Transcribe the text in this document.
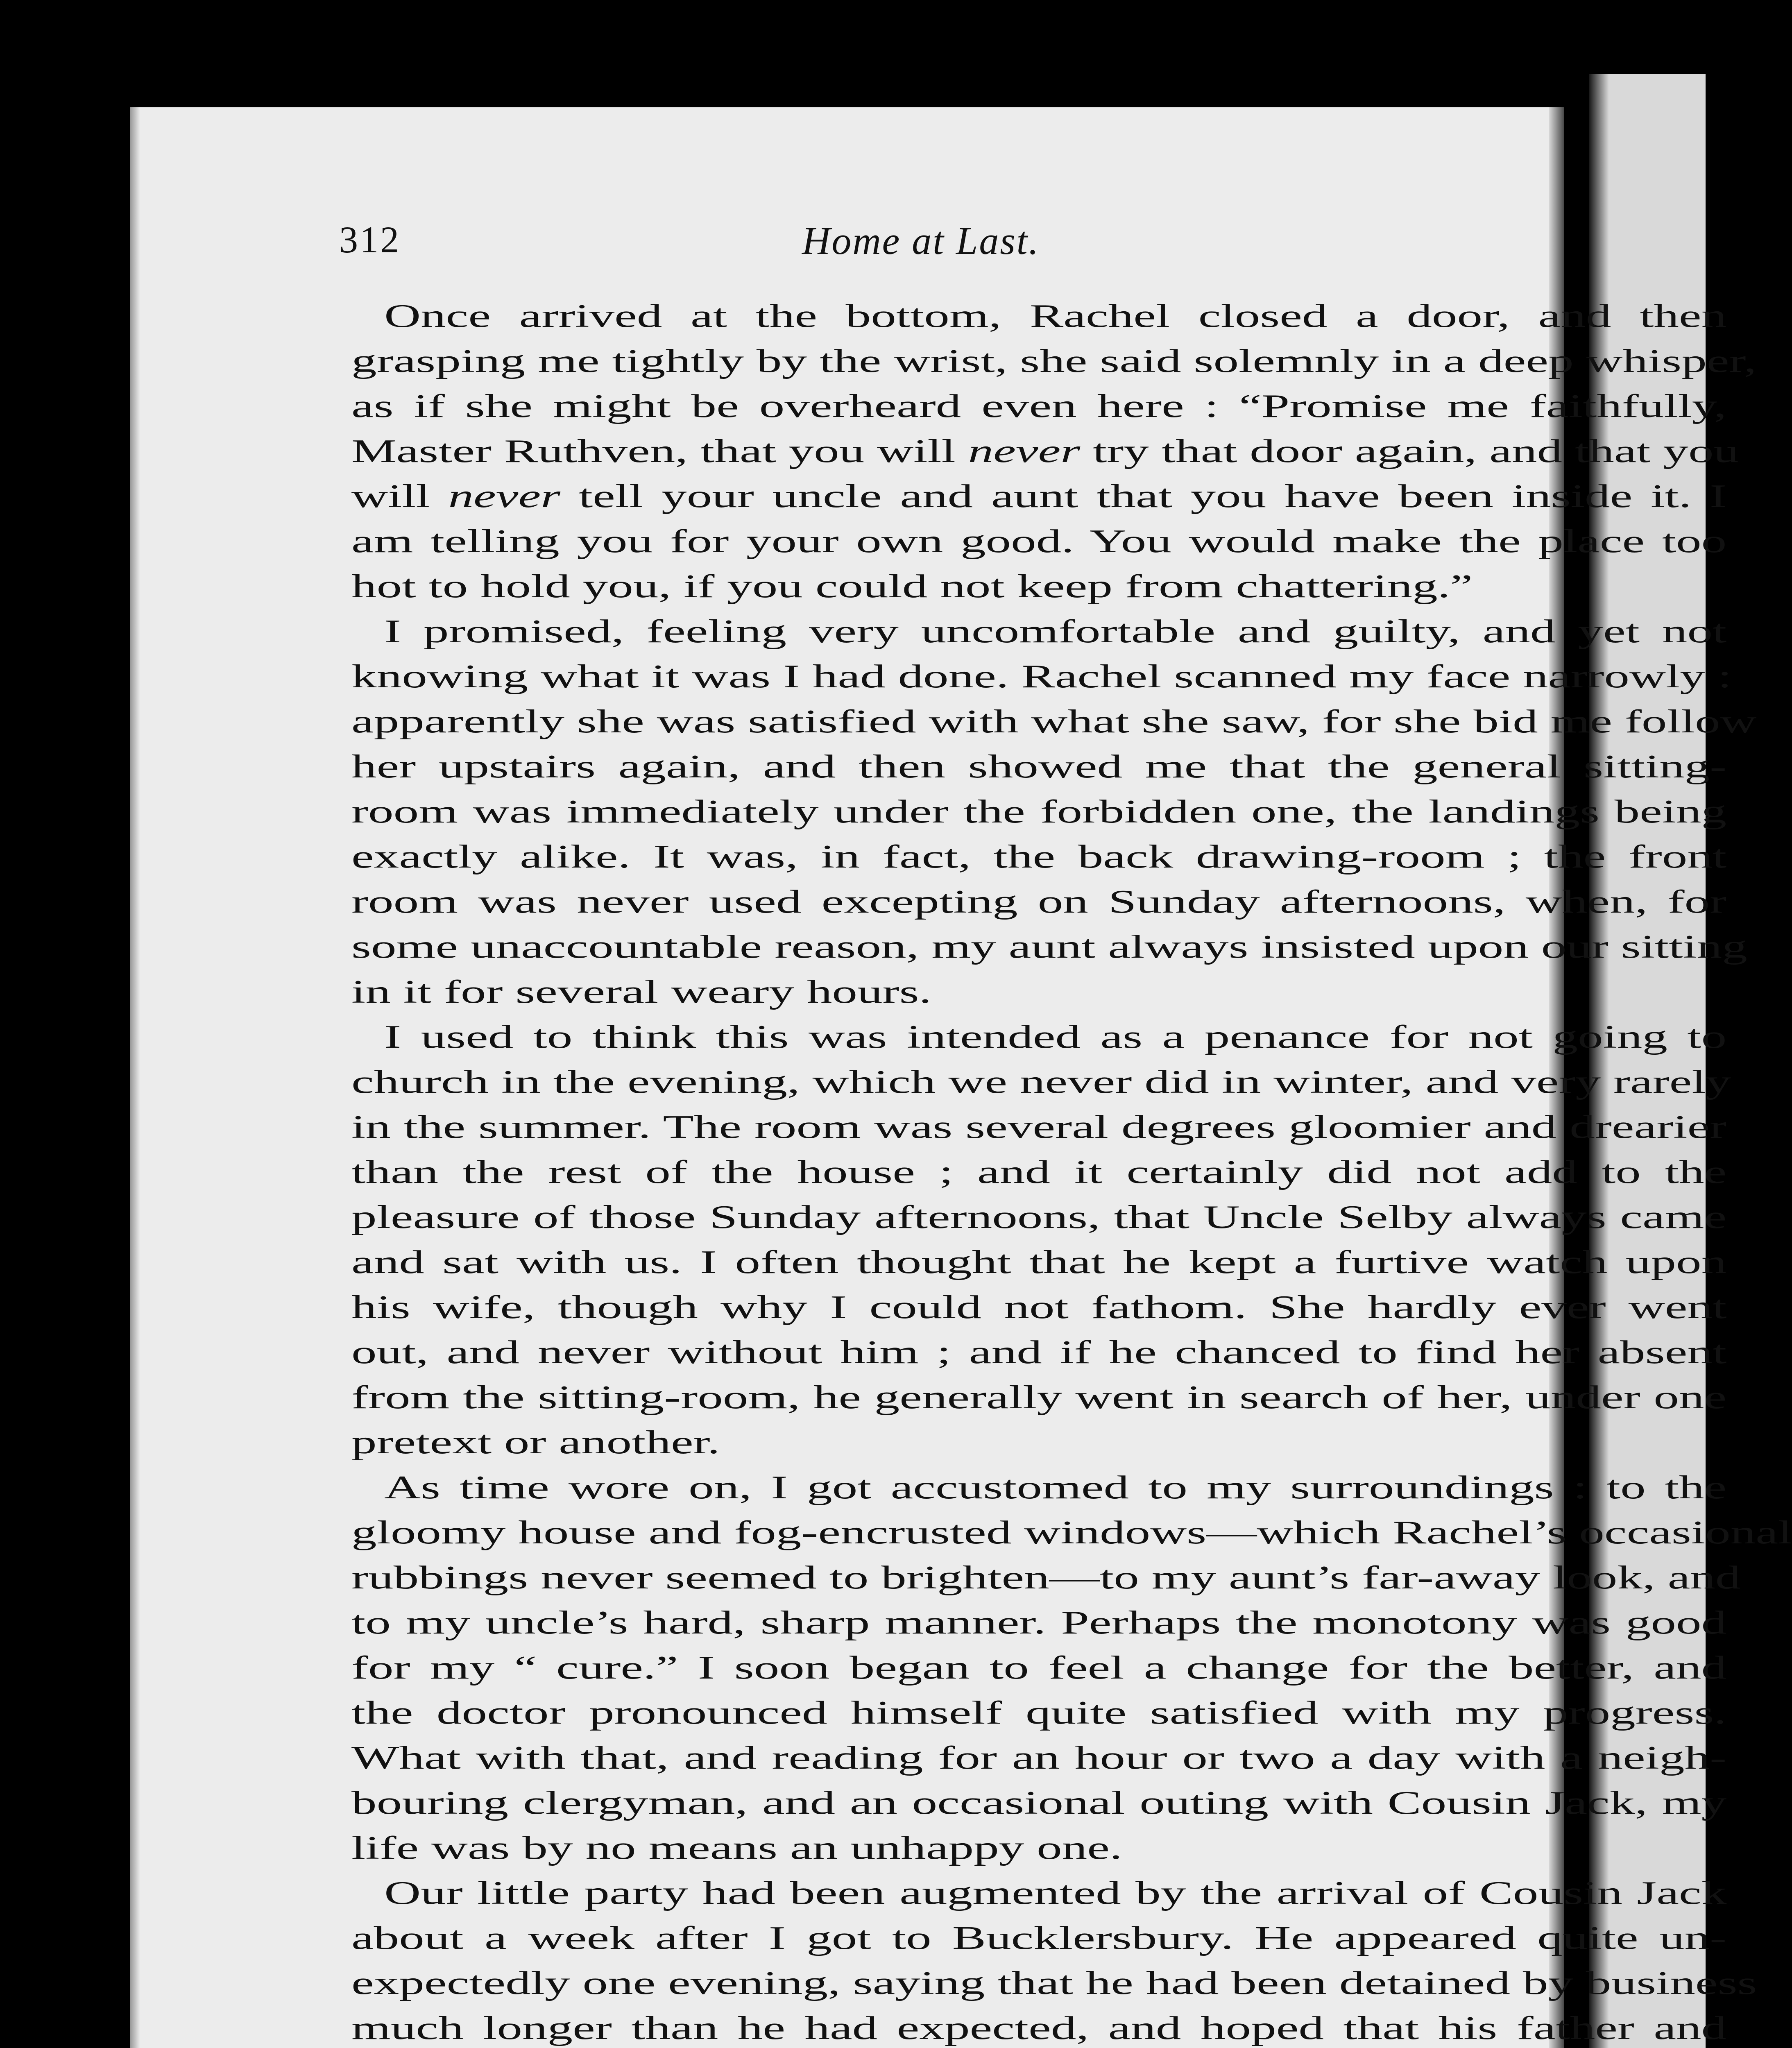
312	Home at Last.
Once arrived at the bottom, Rachel closed a door, and then
grasping me tightly by the wrist, she said solemnly in a deep whisper,
as if she might be overheard even here : “Promise me faithfully,
Master Ruthven, that you will never try that door again, and that you
will never tell your uncle and aunt that you have been inside it. I
am telling you for your own good. You would make the place too
hot to hold you, if you could not keep from chattering.”
I promised, feeling very uncomfortable and guilty, and yet not
knowing what it was I had done. Rachel scanned my face narrowly :
apparently she was satisfied with what she saw, for she bid me follow
her upstairs again, and then showed me that the general sitting-
room was immediately under the forbidden one, the landings being
exactly alike. It was, in fact, the back drawing-room ; the front
room was never used excepting on Sunday afternoons, when, for
some unaccountable reason, my aunt always insisted upon our sitting
in it for several weary hours.
I used to think this was intended as a penance for not going to
church in the evening, which we never did in winter, and very rarely
in the summer. The room was several degrees gloomier and drearier
than the rest of the house ; and it certainly did not add to the
pleasure of those Sunday afternoons, that Uncle Selby always came
and sat with us. I often thought that he kept a furtive watch upon
his wife, though why I could not fathom. She hardly ever went
out, and never without him ; and if he chanced to find her absent
from the sitting-room, he generally went in search of her, under one
pretext or another.
As time wore on, I got accustomed to my surroundings : to the
gloomy house and fog-encrusted windows—which Rachel’s occasional
rubbings never seemed to brighten—to my aunt’s far-away look, and
to my uncle’s hard, sharp manner. Perhaps the monotony was good
for my “ cure.” I soon began to feel a change for the better, and
the doctor pronounced himself quite satisfied with my progress.
What with that, and reading for an hour or two a day with a neigh-
bouring clergyman, and an occasional outing with Cousin Jack, my
life was by no means an unhappy one.
Our little party had been augmented by the arrival of Cousin Jack
about a week after I got to Bucklersbury. He appeared quite un-
expectedly one evening, saying that he had been detained by business
much longer than he had expected, and hoped that his father and
